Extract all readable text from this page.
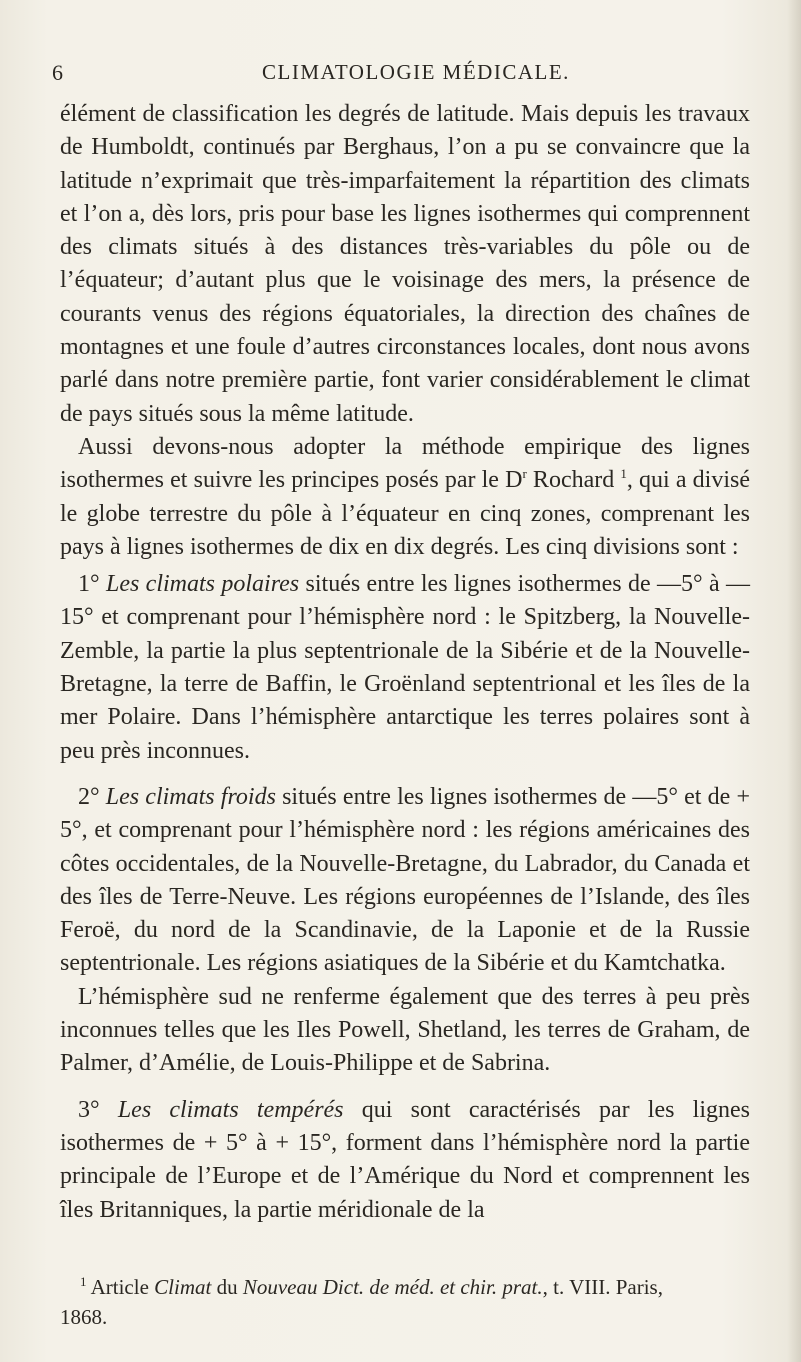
6	CLIMATOLOGIE MÉDICALE.

élément de classification les degrés de latitude. Mais depuis les travaux de Humboldt, continués par Berghaus, l’on a pu se convaincre que la latitude n’exprimait que très-imparfaitement la répartition des climats et l’on a, dès lors, pris pour base les lignes isothermes qui comprennent des climats situés à des distances très-variables du pôle ou de l’équateur; d’autant plus que le voisinage des mers, la présence de courants venus des régions équatoriales, la direction des chaînes de montagnes et une foule d’autres circonstances locales, dont nous avons parlé dans notre première partie, font varier considérablement le climat de pays situés sous la même latitude.

Aussi devons-nous adopter la méthode empirique des lignes isothermes et suivre les principes posés par le $D^r$ Rochard $^1$, qui a divisé le globe terrestre du pôle à l’équateur en cinq zones, comprenant les pays à lignes isothermes de dix en dix degrés. Les cinq divisions sont :

1° Les climats polaires situés entre les lignes isothermes de —5° à —15° et comprenant pour l’hémisphère nord : le Spitzberg, la Nouvelle-Zemble, la partie la plus septentrionale de la Sibérie et de la Nouvelle-Bretagne, la terre de Baffin, le Groënland septentrional et les îles de la mer Polaire. Dans l’hémisphère antarctique les terres polaires sont à peu près inconnues.

2° Les climats froids situés entre les lignes isothermes de —5° et de + 5°, et comprenant pour l’hémisphère nord : les régions américaines des côtes occidentales, de la Nouvelle-Bretagne, du Labrador, du Canada et des îles de Terre-Neuve. Les régions européennes de l’Islande, des îles Feroë, du nord de la Scandinavie, de la Laponie et de la Russie septentrionale. Les régions asiatiques de la Sibérie et du Kamtchatka.

L’hémisphère sud ne renferme également que des terres à peu près inconnues telles que les Iles Powell, Shetland, les terres de Graham, de Palmer, d’Amélie, de Louis-Philippe et de Sabrina.

3° Les climats tempérés qui sont caractérisés par les lignes isothermes de + 5° à + 15°, forment dans l’hémisphère nord la partie principale de l’Europe et de l’Amérique du Nord et comprennent les îles Britanniques, la partie méridionale de la

$^1$ Article Climat du Nouveau Dict. de méd. et chir. prat., t. VIII. Paris,

1868.
